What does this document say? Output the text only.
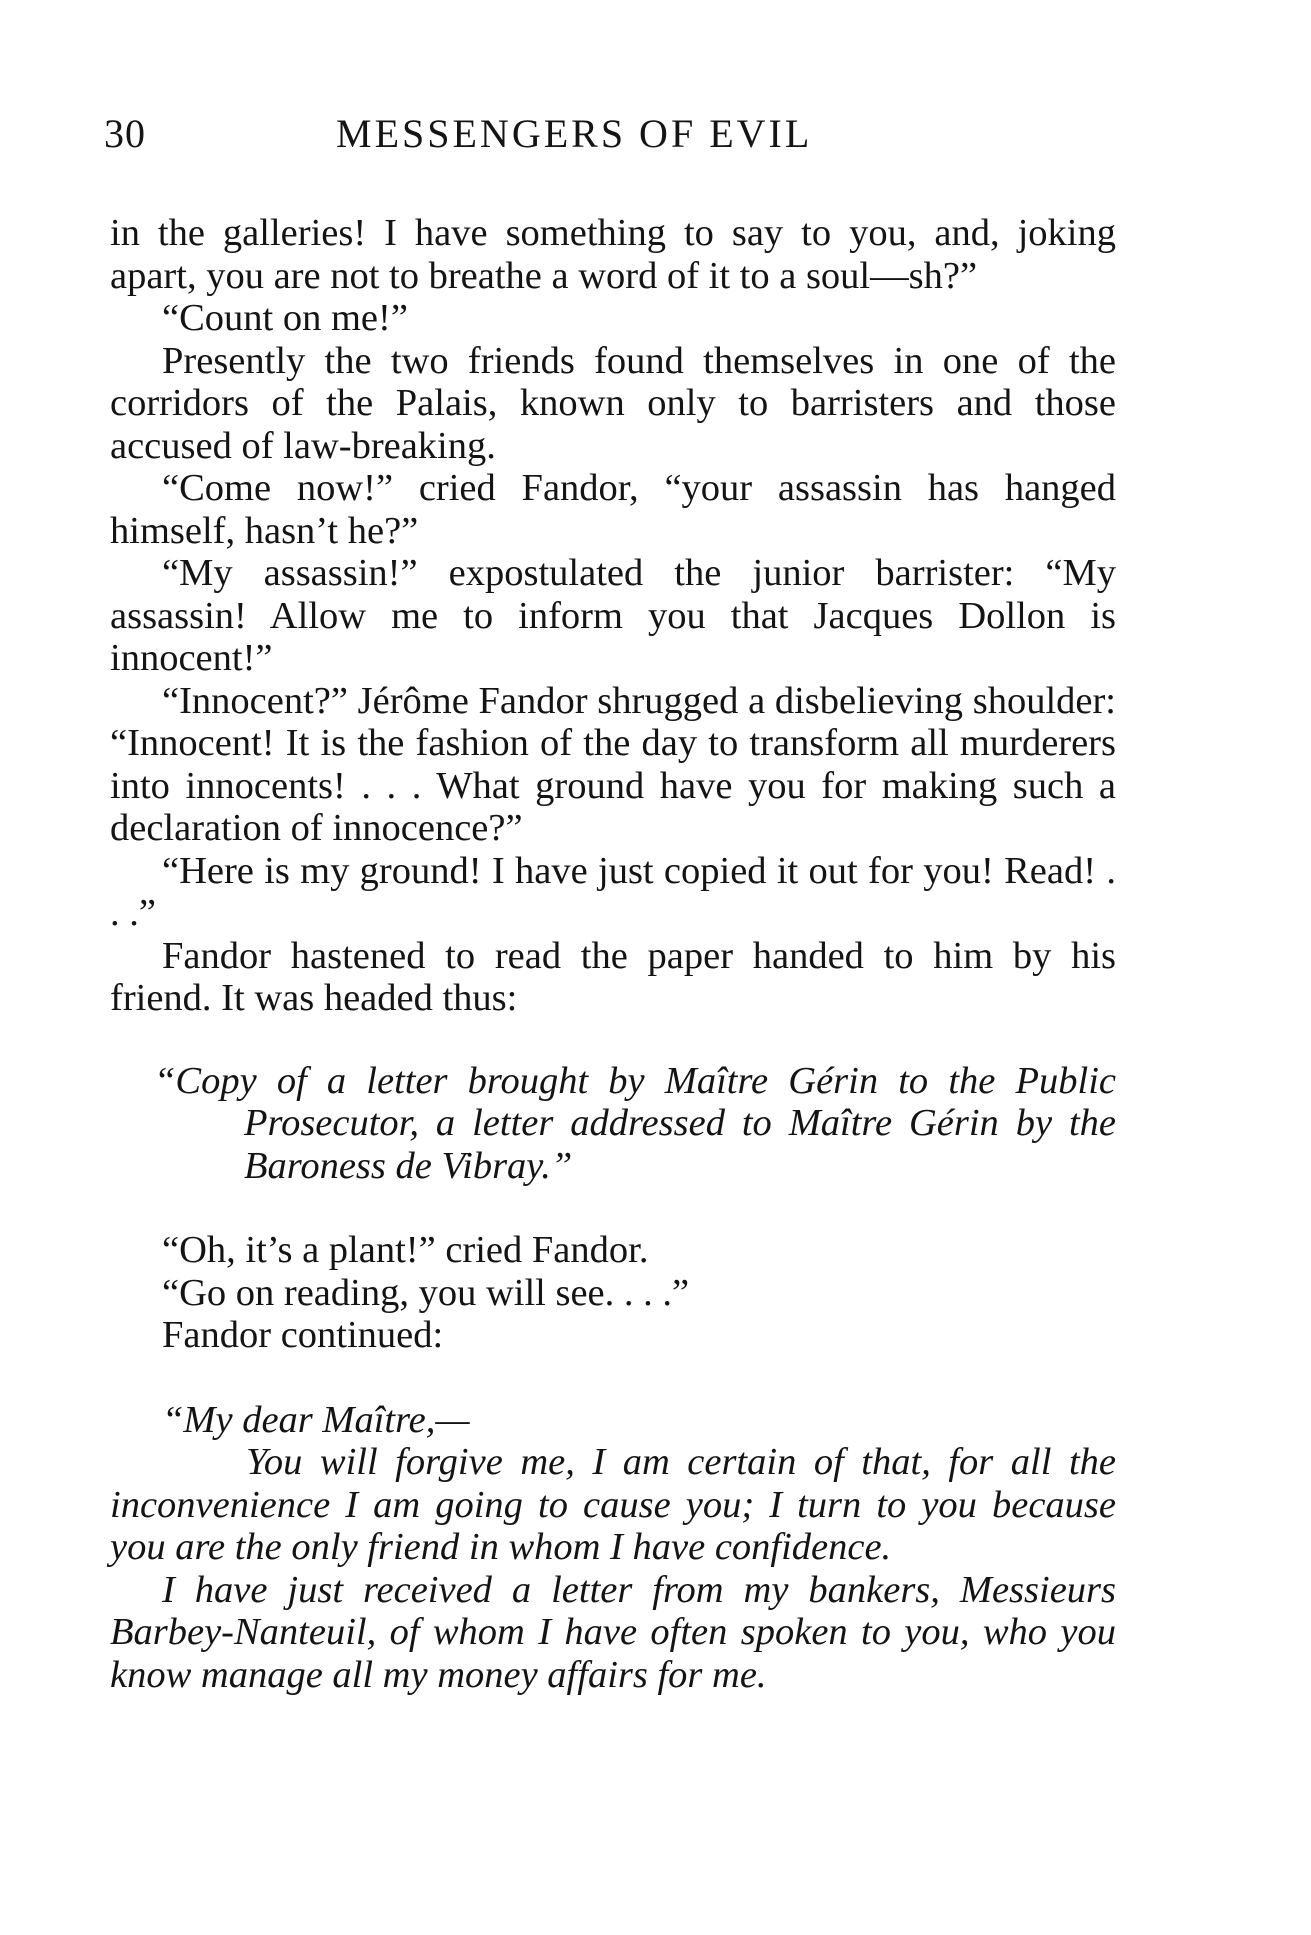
30	MESSENGERS OF EVIL

in the galleries! I have something to say to you, and, joking apart, you are not to breathe a word of it to a soul—sh?”

“Count on me!”

Presently the two friends found themselves in one of the corridors of the Palais, known only to barristers and those accused of law-breaking.

“Come now!” cried Fandor, “your assassin has hanged himself, hasn’t he?”

“My assassin!” expostulated the junior barrister: “My assassin! Allow me to inform you that Jacques Dollon is innocent!”

“Innocent?” Jérôme Fandor shrugged a disbelieving shoulder: “Innocent! It is the fashion of the day to transform all murderers into innocents! . . . What ground have you for making such a declaration of innocence?”

“Here is my ground! I have just copied it out for you! Read! . . .”

Fandor hastened to read the paper handed to him by his friend. It was headed thus:

“Copy of a letter brought by Maître Gérin to the Public Prosecutor, a letter addressed to Maître Gérin by the Baroness de Vibray.”

“Oh, it’s a plant!” cried Fandor.

“Go on reading, you will see. . . .”

Fandor continued:

“My dear Maître,—

You will forgive me, I am certain of that, for all the inconvenience I am going to cause you; I turn to you because you are the only friend in whom I have confidence.

I have just received a letter from my bankers, Messieurs Barbey-Nanteuil, of whom I have often spoken to you, who you know manage all my money affairs for me.
